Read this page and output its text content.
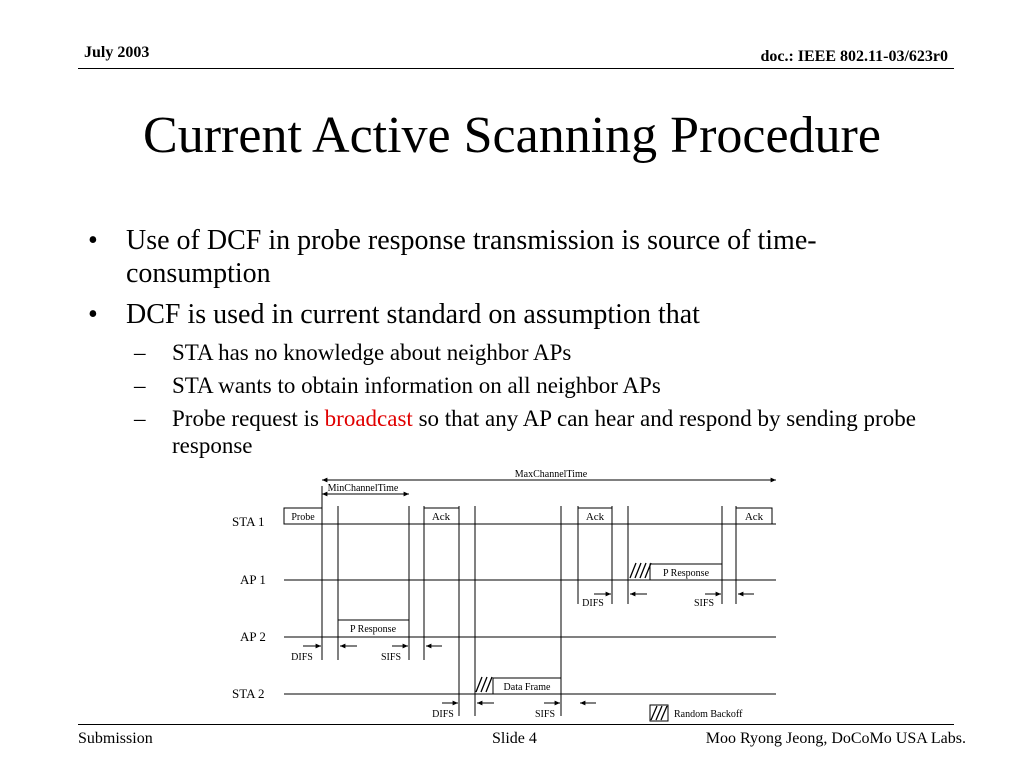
July 2003	doc.: IEEE 802.11-03/623r0
Current Active Scanning Procedure
• Use of DCF in probe response transmission is source of time-consumption
• DCF is used in current standard on assumption that
– STA has no knowledge about neighbor APs
– STA wants to obtain information on all neighbor APs
– Probe request is broadcast so that any AP can hear and respond by sending probe response
MaxChannelTime
MinChannelTime
Probe
P Response
P Response
Data Frame
DIFS	SIFS
DIFS	SIFS
DIFS	SIFS	Random Backoff
Ack	Ack	Ack
STA 1
AP 1
AP 2
STA 2
Submission	Slide 4	Moo Ryong Jeong, DoCoMo USA Labs.
